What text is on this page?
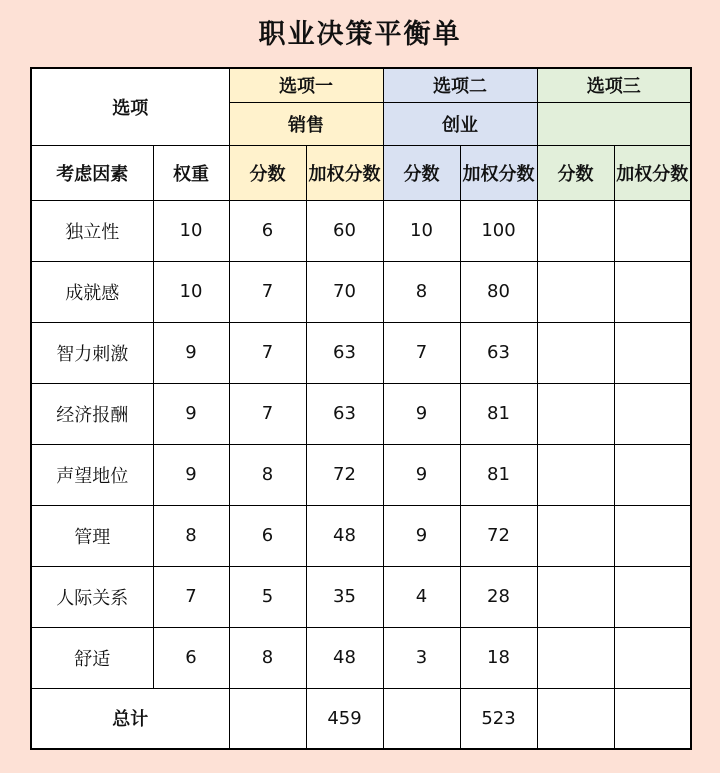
职业决策平衡单
选项		选项一		选项二		选项三	
		销售		创业			
考虑因素	权重	分数	加权分数	分数	加权分数	分数	加权分数
独立性	10	6	60	10	100		
成就感	10	7	70	8	80		
智力刺激	9	7	63	7	63		
经济报酬	9	7	63	9	81		
声望地位	9	8	72	9	81		
管理	8	6	48	9	72		
人际关系	7	5	35	4	28		
舒适	6	8	48	3	18		
总计			459		523		
